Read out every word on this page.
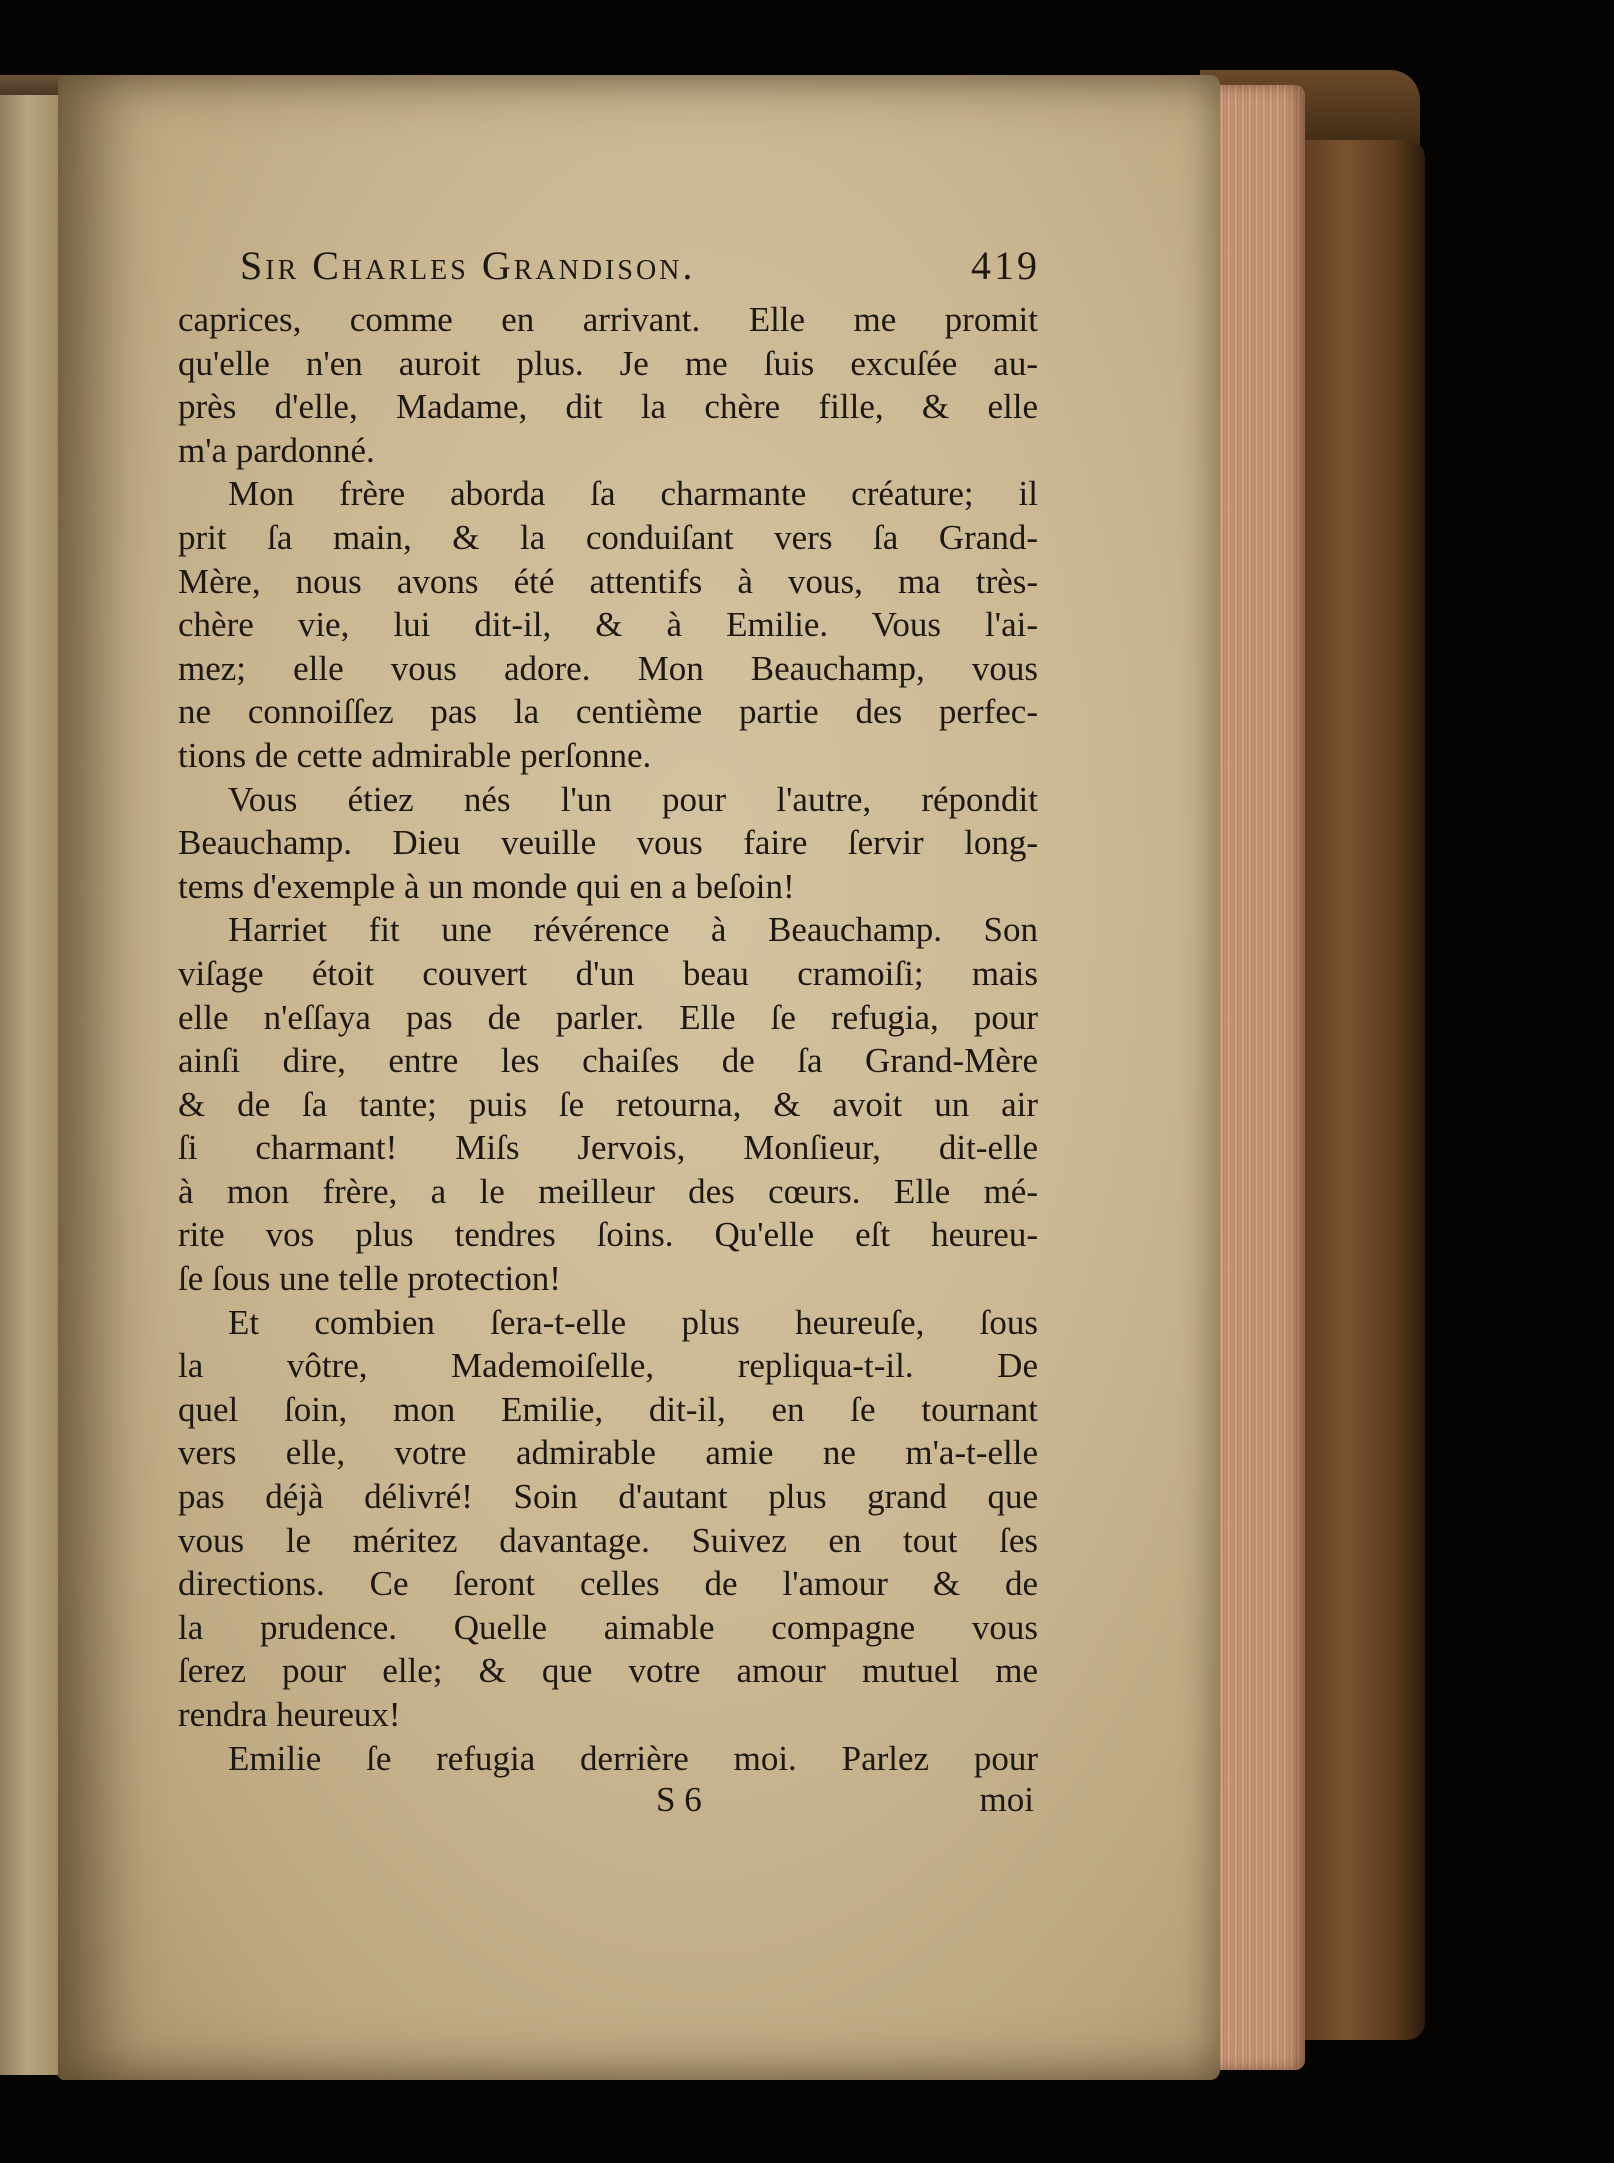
Sir Charles Grandison.	419
caprices, comme en arrivant. Elle me promit
qu'elle n'en auroit plus. Je me ſuis excuſée au-
près d'elle, Madame, dit la chère fille, & elle
m'a pardonné.
Mon frère aborda ſa charmante créature; il
prit ſa main, & la conduiſant vers ſa Grand-
Mère, nous avons été attentifs à vous, ma très-
chère vie, lui dit-il, & à Emilie. Vous l'ai-
mez; elle vous adore. Mon Beauchamp, vous
ne connoiſſez pas la centième partie des perfec-
tions de cette admirable perſonne.
Vous étiez nés l'un pour l'autre, répondit
Beauchamp. Dieu veuille vous faire ſervir long-
tems d'exemple à un monde qui en a beſoin!
Harriet fit une révérence à Beauchamp. Son
viſage étoit couvert d'un beau cramoiſi; mais
elle n'eſſaya pas de parler. Elle ſe refugia, pour
ainſi dire, entre les chaiſes de ſa Grand-Mère
& de ſa tante; puis ſe retourna, & avoit un air
ſi charmant! Miſs Jervois, Monſieur, dit-elle
à mon frère, a le meilleur des cœurs. Elle mé-
rite vos plus tendres ſoins. Qu'elle eſt heureu-
ſe ſous une telle protection!
Et combien ſera-t-elle plus heureuſe, ſous
la vôtre, Mademoiſelle, repliqua-t-il. De
quel ſoin, mon Emilie, dit-il, en ſe tournant
vers elle, votre admirable amie ne m'a-t-elle
pas déjà délivré! Soin d'autant plus grand que
vous le méritez davantage. Suivez en tout ſes
directions. Ce ſeront celles de l'amour & de
la prudence. Quelle aimable compagne vous
ſerez pour elle; & que votre amour mutuel me
rendra heureux!
Emilie ſe refugia derrière moi. Parlez pour
S 6	moi
